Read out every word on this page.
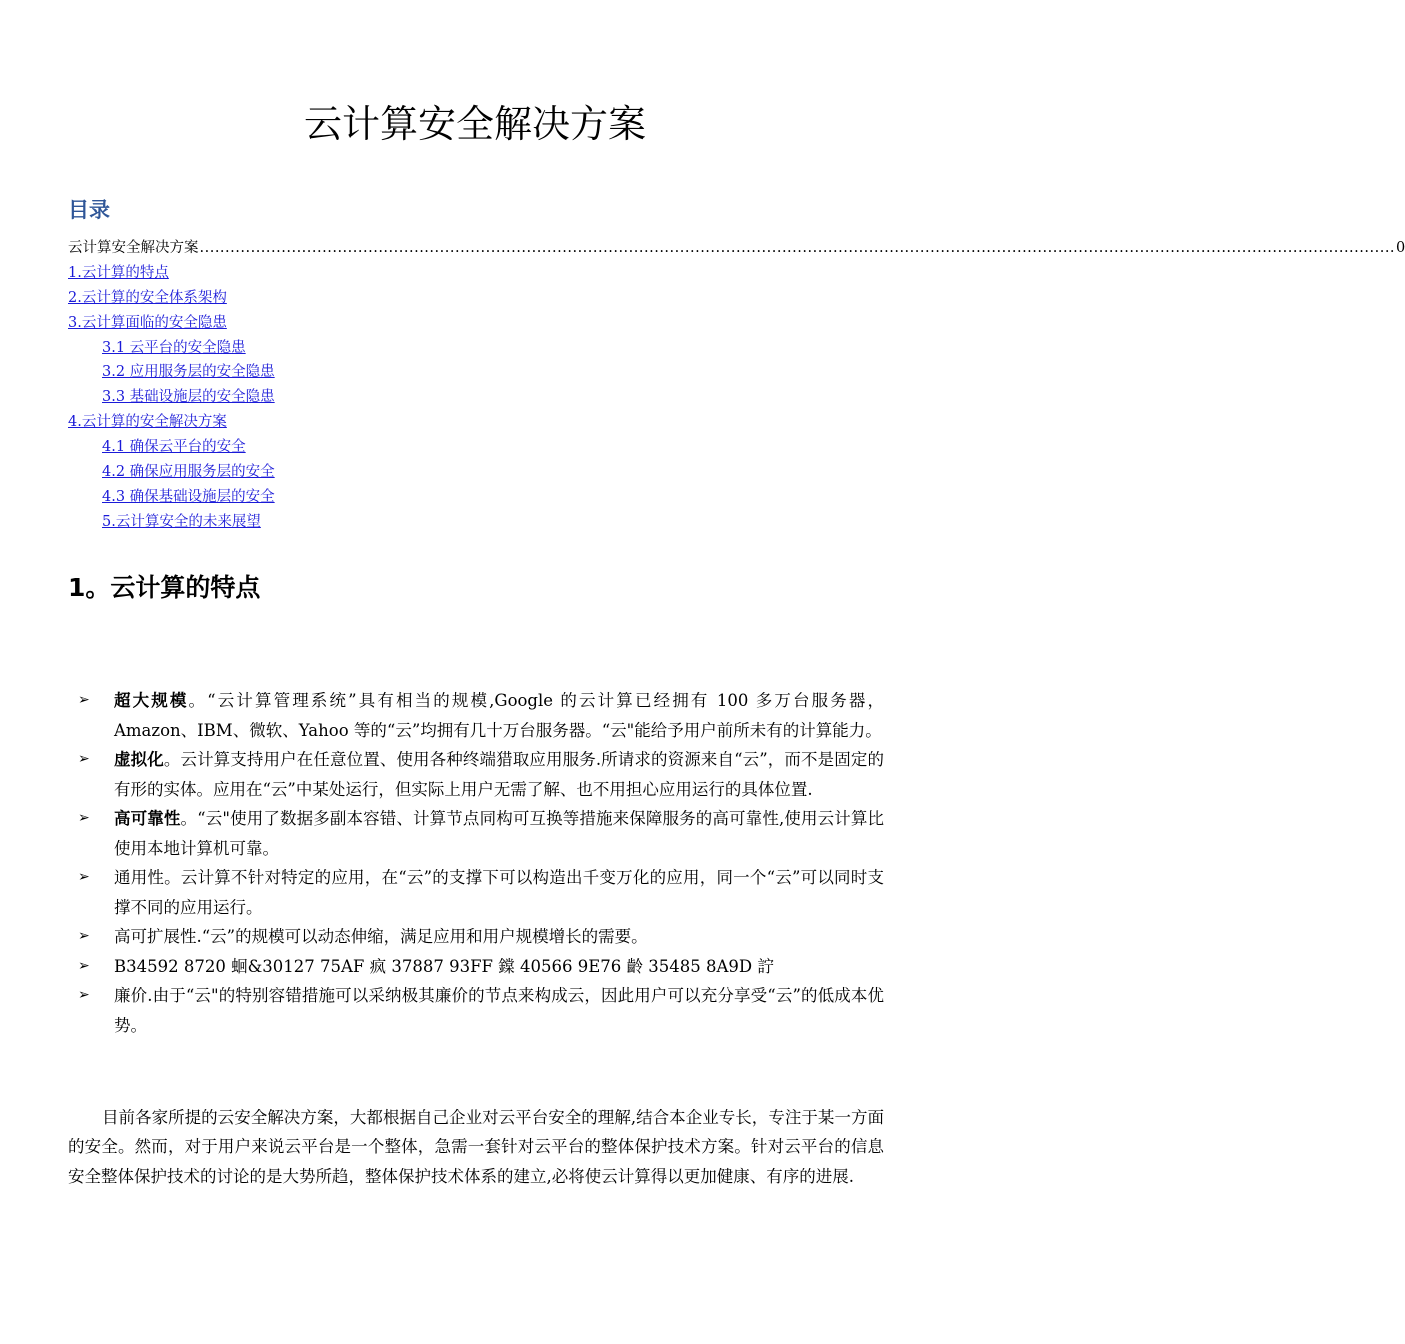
云计算安全解决方案
目录
云计算安全解决方案 .......................................................................................................................................................................................................................................... 0
1.云计算的特点
2.云计算的安全体系架构
3.云计算面临的安全隐患
3.1 云平台的安全隐患
3.2 应用服务层的安全隐患
3.3 基础设施层的安全隐患
4.云计算的安全解决方案
4.1 确保云平台的安全
4.2 确保应用服务层的安全
4.3 确保基础设施层的安全
5.云计算安全的未来展望
1。云计算的特点
➢ 超大规模。“云计算管理系统”具有相当的规模,Google 的云计算已经拥有 100 多万台服务器，Amazon、IBM、微软、Yahoo 等的“云”均拥有几十万台服务器。“云"能给予用户前所未有的计算能力。
➢ 虚拟化。云计算支持用户在任意位置、使用各种终端猎取应用服务.所请求的资源来自“云”，而不是固定的有形的实体。应用在“云”中某处运行，但实际上用户无需了解、也不用担心应用运行的具体位置.
➢ 高可靠性。“云"使用了数据多副本容错、计算节点同构可互换等措施来保障服务的高可靠性,使用云计算比使用本地计算机可靠。
➢ 通用性。云计算不针对特定的应用，在“云”的支撑下可以构造出千变万化的应用，同一个“云”可以同时支撑不同的应用运行。
➢ 高可扩展性.“云”的规模可以动态伸缩，满足应用和用户规模增长的需要。
➢ B34592 8720 蛔&30127 75AF 疯 37887 93FF 鏿 40566 9E76 齡 35485 8A9D 詝
➢ 廉价.由于“云"的特别容错措施可以采纳极其廉价的节点来构成云，因此用户可以充分享受“云”的低成本优势。

目前各家所提的云安全解决方案，大都根据自己企业对云平台安全的理解,结合本企业专长，专注于某一方面的安全。然而，对于用户来说云平台是一个整体，急需一套针对云平台的整体保护技术方案。针对云平台的信息安全整体保护技术的讨论的是大势所趋，整体保护技术体系的建立,必将使云计算得以更加健康、有序的进展.
